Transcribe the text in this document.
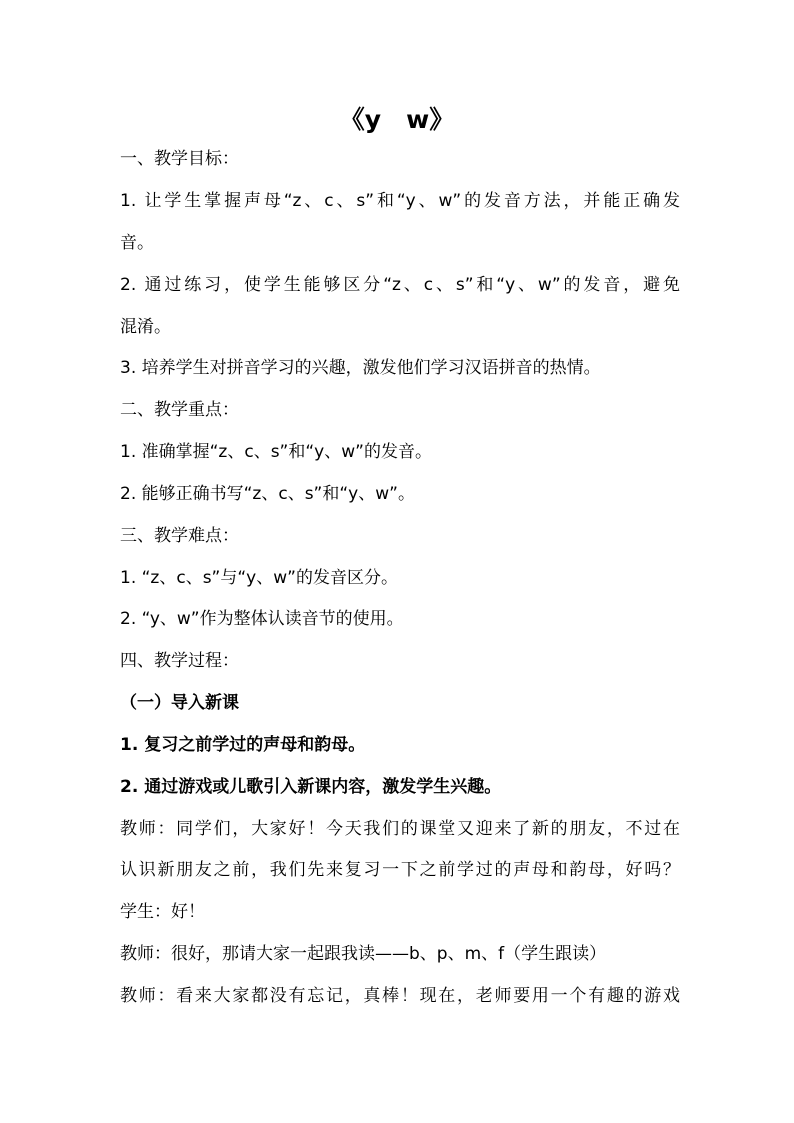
《y　w》
一、教学目标：
1. 让学生掌握声母“z、c、s”和“y、w”的发音方法，并能正确发
音。
2. 通过练习，使学生能够区分“z、c、s”和“y、w”的发音，避免
混淆。
3. 培养学生对拼音学习的兴趣，激发他们学习汉语拼音的热情。
二、教学重点：
1. 准确掌握“z、c、s”和“y、w”的发音。
2. 能够正确书写“z、c、s”和“y、w”。
三、教学难点：
1. “z、c、s”与“y、w”的发音区分。
2. “y、w”作为整体认读音节的使用。
四、教学过程：
（一）导入新课
1. 复习之前学过的声母和韵母。
2. 通过游戏或儿歌引入新课内容，激发学生兴趣。
教师：同学们，大家好！今天我们的课堂又迎来了新的朋友，不过在
认识新朋友之前，我们先来复习一下之前学过的声母和韵母，好吗？
学生：好！
教师：很好，那请大家一起跟我读——b、p、m、f（学生跟读）
教师：看来大家都没有忘记，真棒！现在，老师要用一个有趣的游戏
